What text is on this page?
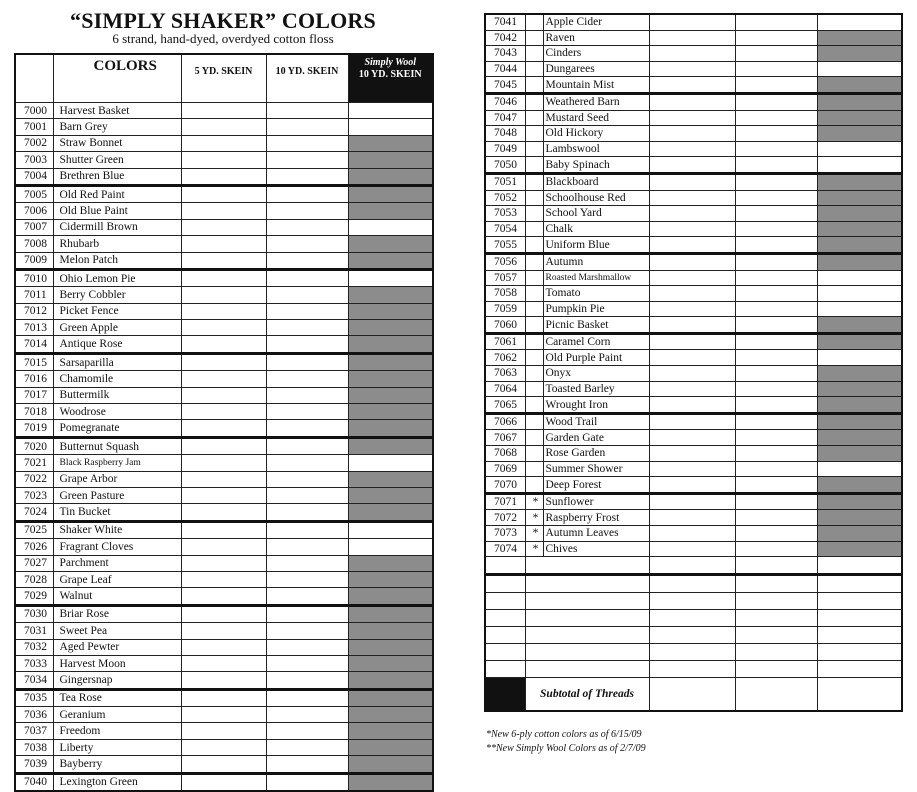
“SIMPLY SHAKER” COLORS
6 strand, hand-dyed, overdyed cotton floss
	COLORS	5 YD. SKEIN	10 YD. SKEIN	Simply Wool
10 YD. SKEIN

7000	Harvest Basket			
7001	Barn Grey			
7002	Straw Bonnet			
7003	Shutter Green			
7004	Brethren Blue			
7005	Old Red Paint			
7006	Old Blue Paint			
7007	Cidermill Brown			
7008	Rhubarb			
7009	Melon Patch			
7010	Ohio Lemon Pie			
7011	Berry Cobbler			
7012	Picket Fence			
7013	Green Apple			
7014	Antique Rose			
7015	Sarsaparilla			
7016	Chamomile			
7017	Buttermilk			
7018	Woodrose			
7019	Pomegranate			
7020	Butternut Squash			
7021	Black Raspberry Jam			
7022	Grape Arbor			
7023	Green Pasture			
7024	Tin Bucket			
7025	Shaker White			
7026	Fragrant Cloves			
7027	Parchment			
7028	Grape Leaf			
7029	Walnut			
7030	Briar Rose			
7031	Sweet Pea			
7032	Aged Pewter			
7033	Harvest Moon			
7034	Gingersnap			
7035	Tea Rose			
7036	Geranium			
7037	Freedom			
7038	Liberty			
7039	Bayberry			
7040	Lexington Green			
7041		Apple Cider			
7042		Raven			
7043		Cinders			
7044		Dungarees			
7045		Mountain Mist			
7046		Weathered Barn			
7047		Mustard Seed			
7048		Old Hickory			
7049		Lambswool			
7050		Baby Spinach			
7051		Blackboard			
7052		Schoolhouse Red			
7053		School Yard			
7054		Chalk			
7055		Uniform Blue			
7056		Autumn			
7057		Roasted Marshmallow			
7058		Tomato			
7059		Pumpkin Pie			
7060		Picnic Basket			
7061		Caramel Corn			
7062		Old Purple Paint			
7063		Onyx			
7064		Toasted Barley			
7065		Wrought Iron			
7066		Wood Trail			
7067		Garden Gate			
7068		Rose Garden			
7069		Summer Shower			
7070		Deep Forest			
7071	*	Sunflower			
7072	*	Raspberry Frost			
7073	*	Autumn Leaves			
7074	*	Chives			

	Subtotal of Threads				
*New 6-ply cotton colors as of 6/15/09
**New Simply Wool Colors as of 2/7/09
